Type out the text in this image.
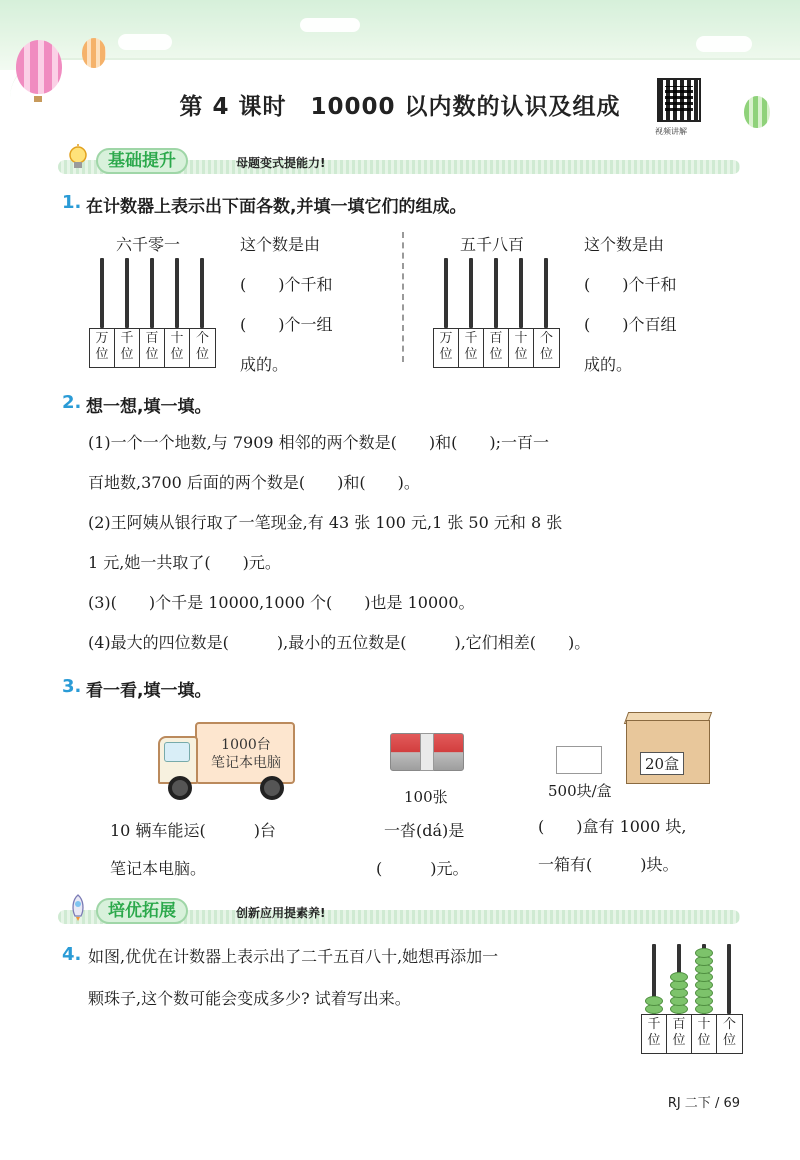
第 4 课时　10000 以内数的认识及组成
视频讲解
基础提升	母题变式提能力!
1. 在计数器上表示出下面各数,并填一填它们的组成。
六千零一
万位
千位
百位
十位
个位
这个数是由
(　　)个千和
(　　)个一组
成的。
五千八百
万位
千位
百位
十位
个位
这个数是由
(　　)个千和
(　　)个百组
成的。
2. 想一想,填一填。
(1)一个一个地数,与 7909 相邻的两个数是(　　)和(　　);一百一
百地数,3700 后面的两个数是(　　)和(　　)。
(2)王阿姨从银行取了一笔现金,有 43 张 100 元,1 张 50 元和 8 张
1 元,她一共取了(　　)元。
(3)(　　)个千是 10000,1000 个(　　)也是 10000。
(4)最大的四位数是(　　　),最小的五位数是(　　　),它们相差(　　)。
3. 看一看,填一填。
1000台
笔记本电脑
10 辆车能运(　　　)台
笔记本电脑。
100张
一沓(dá)是
(　　　)元。
20盒
500块/盒
(　　)盒有 1000 块,
一箱有(　　　)块。
培优拓展	创新应用提素养!
4. 如图,优优在计数器上表示出了二千五百八十,她想再添加一
颗珠子,这个数可能会变成多少? 试着写出来。
千位
百位
十位
个位
RJ 二下 / 69
